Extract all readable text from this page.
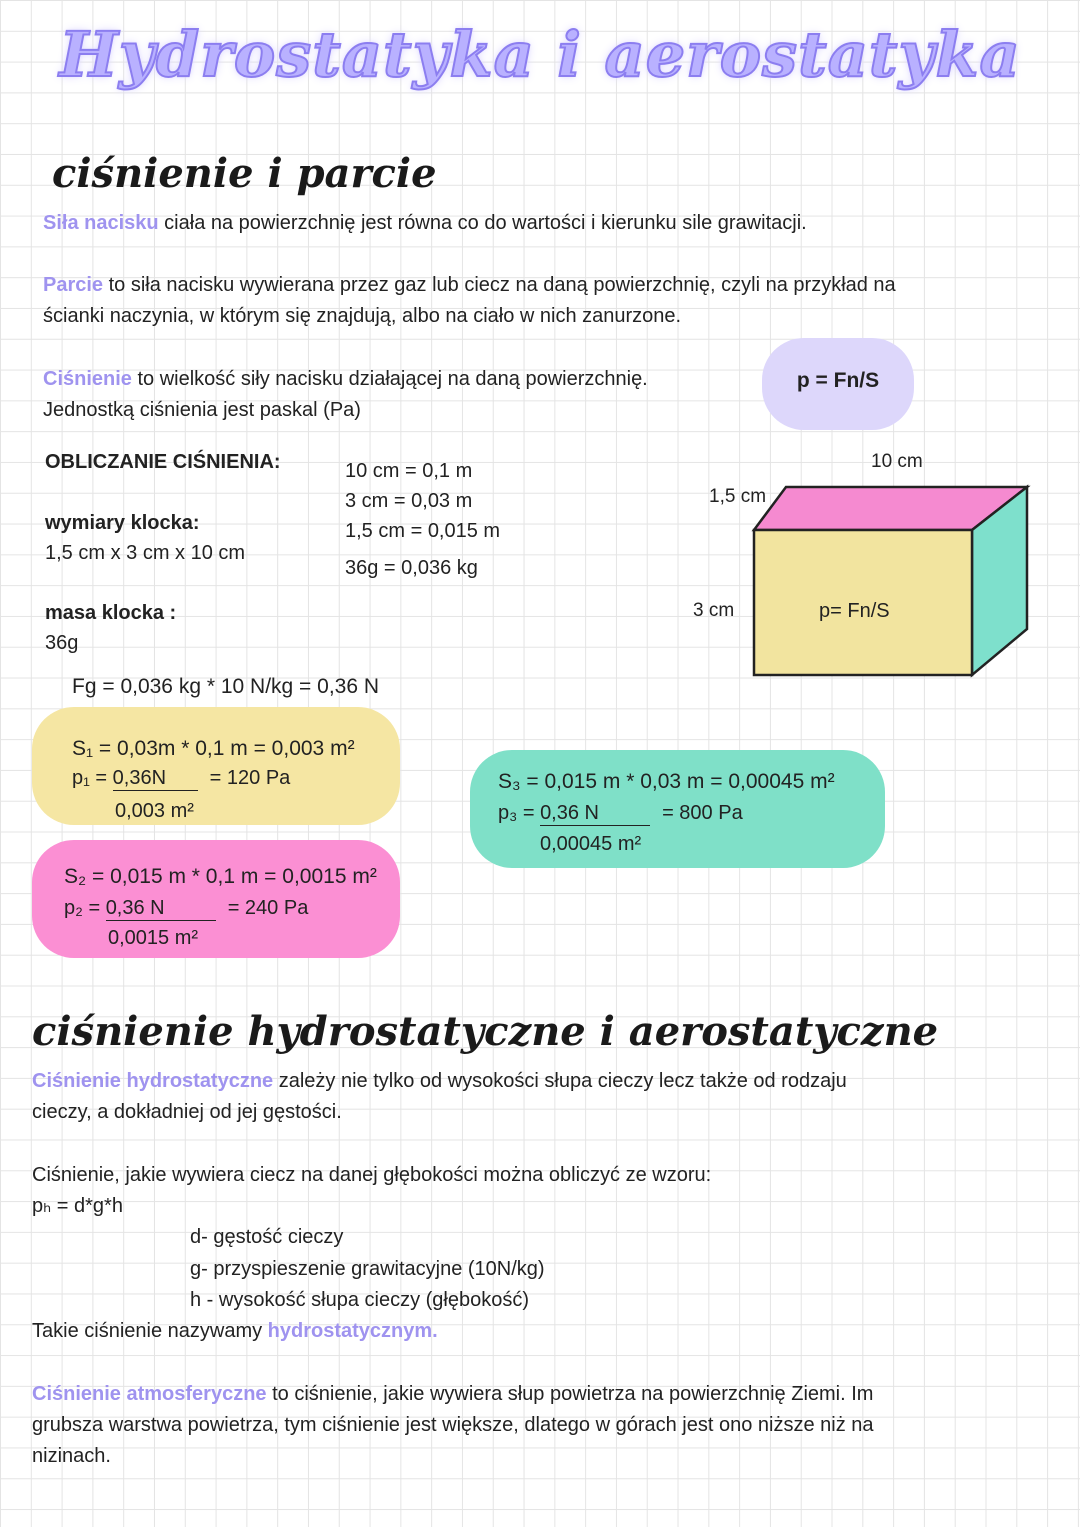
Hydrostatyka i aerostatyka
ciśnienie i parcie
Siła nacisku ciała na powierzchnię jest równa co do wartości i kierunku sile grawitacji.
Parcie to siła nacisku wywierana przez gaz lub ciecz na daną powierzchnię, czyli na przykład na
ścianki naczynia, w którym się znajdują, albo na ciało w nich zanurzone.
Ciśnienie to wielkość siły nacisku działającej na daną powierzchnię.
Jednostką ciśnienia jest paskal (Pa)
p = Fn/S
OBLICZANIE CIŚNIENIA:
wymiary klocka:
1,5 cm x 3 cm x 10 cm
masa klocka :
36g
10 cm = 0,1 m
3 cm = 0,03 m
1,5 cm = 0,015 m
36g = 0,036 kg
Fg = 0,036 kg * 10 N/kg = 0,36 N
10 cm
1,5 cm
3 cm	p= Fn/S
S₁ = 0,03m * 0,1 m = 0,003 m²
p₁ = 0,36N = 120 Pa
0,003 m²
S₂ = 0,015 m * 0,1 m = 0,0015 m²
p₂ = 0,36 N	= 240 Pa
0,0015 m²
S₃ = 0,015 m * 0,03 m = 0,00045 m²
p₃ = 0,36 N	= 800 Pa
0,00045 m²
ciśnienie hydrostatyczne i aerostatyczne
Ciśnienie hydrostatyczne zależy nie tylko od wysokości słupa cieczy lecz także od rodzaju
cieczy, a dokładniej od jej gęstości.
Ciśnienie, jakie wywiera ciecz na danej głębokości można obliczyć ze wzoru:
pₕ = d*g*h
d- gęstość cieczy
g- przyspieszenie grawitacyjne (10N/kg)
h - wysokość słupa cieczy (głębokość)
Takie ciśnienie nazywamy hydrostatycznym.
Ciśnienie atmosferyczne to ciśnienie, jakie wywiera słup powietrza na powierzchnię Ziemi. Im
grubsza warstwa powietrza, tym ciśnienie jest większe, dlatego w górach jest ono niższe niż na
nizinach.
